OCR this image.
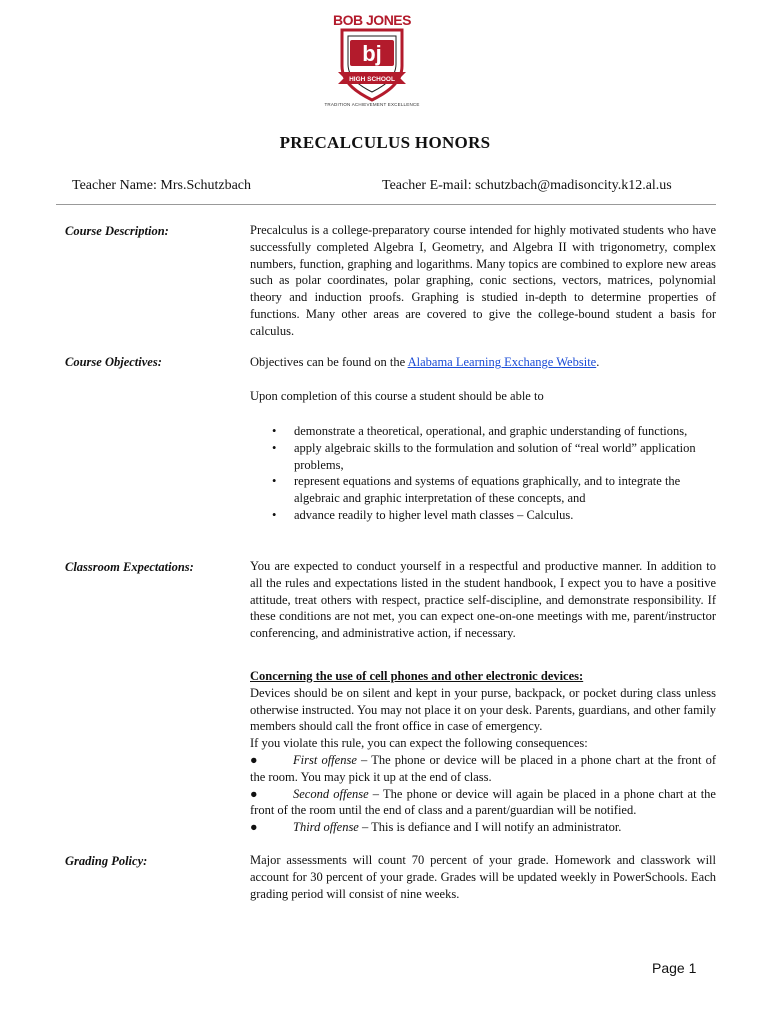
BOB JONES
bj
HIGH SCHOOL
TRADITION ACHIEVEMENT EXCELLENCE
PRECALCULUS HONORS
Teacher Name: Mrs.Schutzbach	Teacher E-mail: schutzbach@madisoncity.k12.al.us
Course Description:	Precalculus is a college-preparatory course intended for highly motivated students who have successfully completed Algebra I, Geometry, and Algebra II with trigonometry, complex numbers, function, graphing and logarithms. Many topics are combined to explore new areas such as polar coordinates, polar graphing, conic sections, vectors, matrices, polynomial theory and induction proofs. Graphing is studied in-depth to determine properties of functions. Many other areas are covered to give the college-bound student a basis for calculus.
Course Objectives:	Objectives can be found on the Alabama Learning Exchange Website.
Upon completion of this course a student should be able to
• demonstrate a theoretical, operational, and graphic understanding of functions,
• apply algebraic skills to the formulation and solution of “real world” application problems,
• represent equations and systems of equations graphically, and to integrate the algebraic and graphic interpretation of these concepts, and
• advance readily to higher level math classes – Calculus.
Classroom Expectations:	You are expected to conduct yourself in a respectful and productive manner. In addition to all the rules and expectations listed in the student handbook, I expect you to have a positive attitude, treat others with respect, practice self-discipline, and demonstrate responsibility. If these conditions are not met, you can expect one-on-one meetings with me, parent/instructor conferencing, and administrative action, if necessary.
Concerning the use of cell phones and other electronic devices:
Devices should be on silent and kept in your purse, backpack, or pocket during class unless otherwise instructed. You may not place it on your desk. Parents, guardians, and other family members should call the front office in case of emergency.
If you violate this rule, you can expect the following consequences:
●	First offense – The phone or device will be placed in a phone chart at the front of the room. You may pick it up at the end of class.
●	Second offense – The phone or device will again be placed in a phone chart at the front of the room until the end of class and a parent/guardian will be notified.
●	Third offense – This is defiance and I will notify an administrator.
Grading Policy:	Major assessments will count 70 percent of your grade. Homework and classwork will account for 30 percent of your grade. Grades will be updated weekly in PowerSchools. Each grading period will consist of nine weeks.
Page 1
